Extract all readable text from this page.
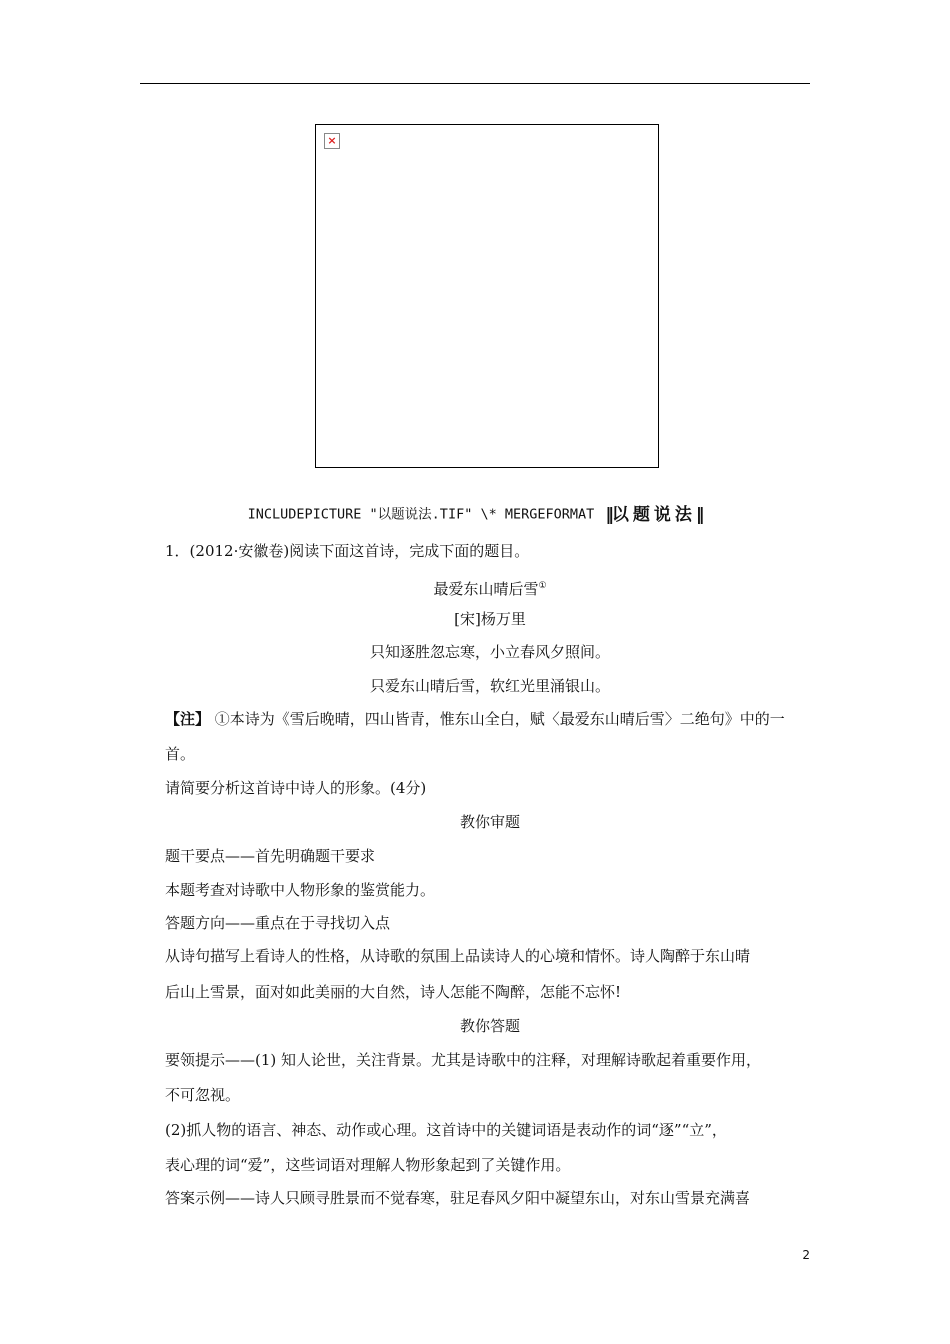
×
INCLUDEPICTURE "以题说法.TIF" \* MERGEFORMAT ‖以题说法‖
1．(2012·安徽卷)阅读下面这首诗，完成下面的题目。
最爱东山晴后雪①
[宋]杨万里
只知逐胜忽忘寒，小立春风夕照间。
只爱东山晴后雪，软红光里涌银山。
【注】 ①本诗为《雪后晚晴，四山皆青，惟东山全白，赋〈最爱东山晴后雪〉二绝句》中的一
首。
请简要分析这首诗中诗人的形象。(4分)
教你审题
题干要点——首先明确题干要求
本题考查对诗歌中人物形象的鉴赏能力。
答题方向——重点在于寻找切入点
从诗句描写上看诗人的性格，从诗歌的氛围上品读诗人的心境和情怀。诗人陶醉于东山晴
后山上雪景，面对如此美丽的大自然，诗人怎能不陶醉，怎能不忘怀!
教你答题
要领提示——(1) 知人论世，关注背景。尤其是诗歌中的注释，对理解诗歌起着重要作用，
不可忽视。
(2)抓人物的语言、神态、动作或心理。这首诗中的关键词语是表动作的词“逐”“立”，
表心理的词“爱”，这些词语对理解人物形象起到了关键作用。
答案示例——诗人只顾寻胜景而不觉春寒，驻足春风夕阳中凝望东山，对东山雪景充满喜
2
